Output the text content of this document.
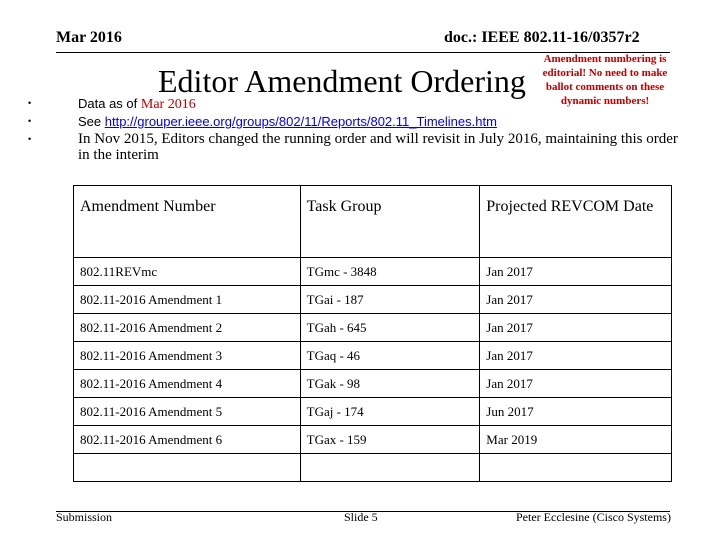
Mar 2016	doc.: IEEE 802.11-16/0357r2
Editor Amendment Ordering
Amendment numbering is editorial! No need to make ballot comments on these dynamic numbers!
•	Data as of Mar 2016
•	See http://grouper.ieee.org/groups/802/11/Reports/802.11_Timelines.htm
•	In Nov 2015, Editors changed the running order and will revisit in July 2016, maintaining this order in the interim
Amendment Number	Task Group	Projected REVCOM Date
802.11REVmc	TGmc - 3848	Jan 2017
802.11-2016 Amendment 1	TGai - 187	Jan 2017
802.11-2016 Amendment 2	TGah - 645	Jan 2017
802.11-2016 Amendment 3	TGaq - 46	Jan 2017
802.11-2016 Amendment 4	TGak - 98	Jan 2017
802.11-2016 Amendment 5	TGaj - 174	Jun 2017
802.11-2016 Amendment 6	TGax - 159	Mar 2019

Submission	Slide 5	Peter Ecclesine (Cisco Systems)
